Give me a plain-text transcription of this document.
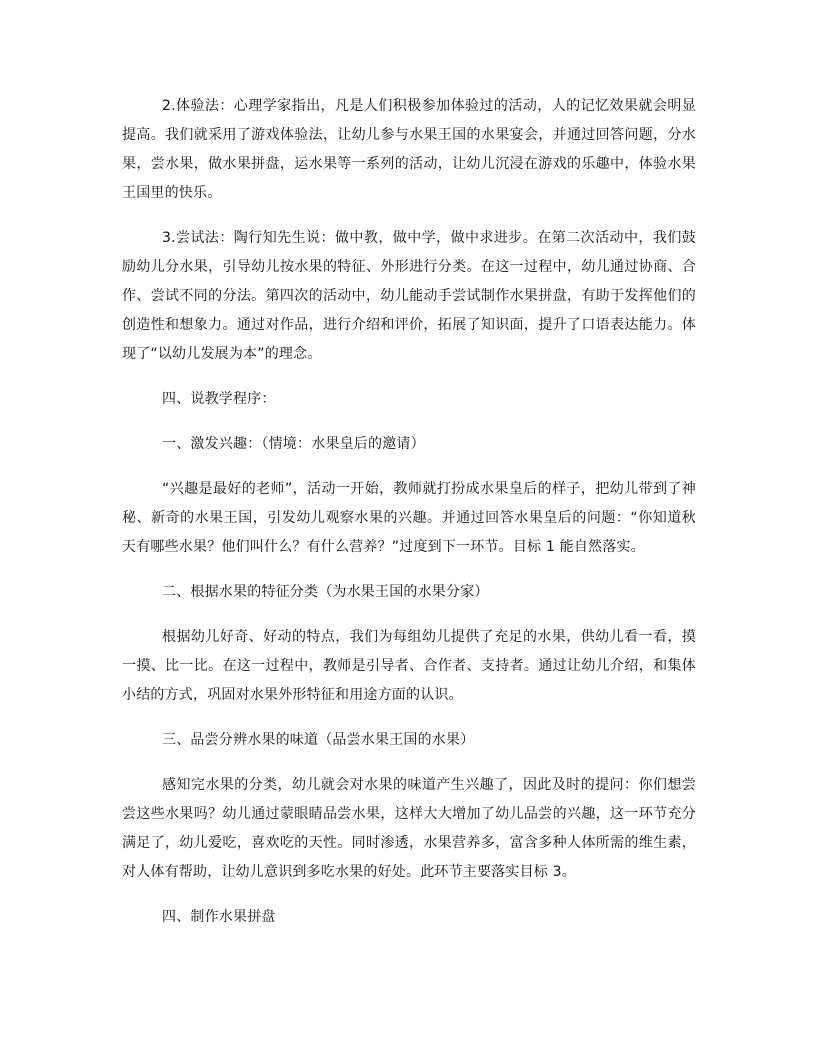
2.体验法：心理学家指出，凡是人们积极参加体验过的活动，人的记忆效果就会明显提高。我们就采用了游戏体验法，让幼儿参与水果王国的水果宴会，并通过回答问题，分水果，尝水果，做水果拼盘，运水果等一系列的活动，让幼儿沉浸在游戏的乐趣中，体验水果王国里的快乐。

3.尝试法：陶行知先生说：做中教，做中学，做中求进步。在第二次活动中，我们鼓励幼儿分水果，引导幼儿按水果的特征、外形进行分类。在这一过程中，幼儿通过协商、合作、尝试不同的分法。第四次的活动中，幼儿能动手尝试制作水果拼盘，有助于发挥他们的创造性和想象力。通过对作品，进行介绍和评价，拓展了知识面，提升了口语表达能力。体现了“以幼儿发展为本”的理念。

四、说教学程序：

一、激发兴趣：（情境：水果皇后的邀请）

“兴趣是最好的老师”，活动一开始，教师就打扮成水果皇后的样子，把幼儿带到了神秘、新奇的水果王国，引发幼儿观察水果的兴趣。并通过回答水果皇后的问题：“你知道秋天有哪些水果？他们叫什么？有什么营养？”过度到下一环节。目标 1 能自然落实。

二、根据水果的特征分类（为水果王国的水果分家）

根据幼儿好奇、好动的特点，我们为每组幼儿提供了充足的水果，供幼儿看一看，摸一摸、比一比。在这一过程中，教师是引导者、合作者、支持者。通过让幼儿介绍，和集体小结的方式，巩固对水果外形特征和用途方面的认识。

三、品尝分辨水果的味道（品尝水果王国的水果）

感知完水果的分类，幼儿就会对水果的味道产生兴趣了，因此及时的提问：你们想尝尝这些水果吗？幼儿通过蒙眼睛品尝水果，这样大大增加了幼儿品尝的兴趣，这一环节充分满足了，幼儿爱吃，喜欢吃的天性。同时渗透，水果营养多，富含多种人体所需的维生素，对人体有帮助，让幼儿意识到多吃水果的好处。此环节主要落实目标 3。

四、制作水果拼盘
